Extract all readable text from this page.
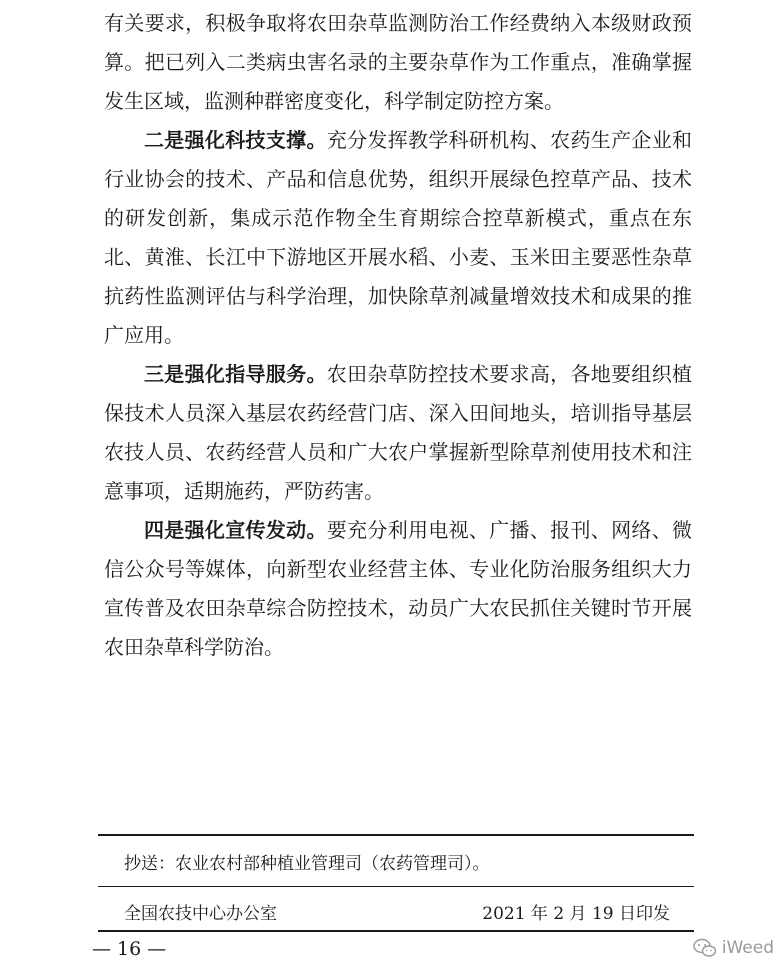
有关要求，积极争取将农田杂草监测防治工作经费纳入本级财政预算。把已列入二类病虫害名录的主要杂草作为工作重点，准确掌握发生区域，监测种群密度变化，科学制定防控方案。

二是强化科技支撑。充分发挥教学科研机构、农药生产企业和行业协会的技术、产品和信息优势，组织开展绿色控草产品、技术的研发创新，集成示范作物全生育期综合控草新模式，重点在东北、黄淮、长江中下游地区开展水稻、小麦、玉米田主要恶性杂草抗药性监测评估与科学治理，加快除草剂减量增效技术和成果的推广应用。

三是强化指导服务。农田杂草防控技术要求高，各地要组织植保技术人员深入基层农药经营门店、深入田间地头，培训指导基层农技人员、农药经营人员和广大农户掌握新型除草剂使用技术和注意事项，适期施药，严防药害。

四是强化宣传发动。要充分利用电视、广播、报刊、网络、微信公众号等媒体，向新型农业经营主体、专业化防治服务组织大力宣传普及农田杂草综合防控技术，动员广大农民抓住关键时节开展农田杂草科学防治。

抄送：农业农村部种植业管理司（农药管理司）。
全国农技中心办公室	2021 年 2 月 19 日印发
— 16 —	iWeed
